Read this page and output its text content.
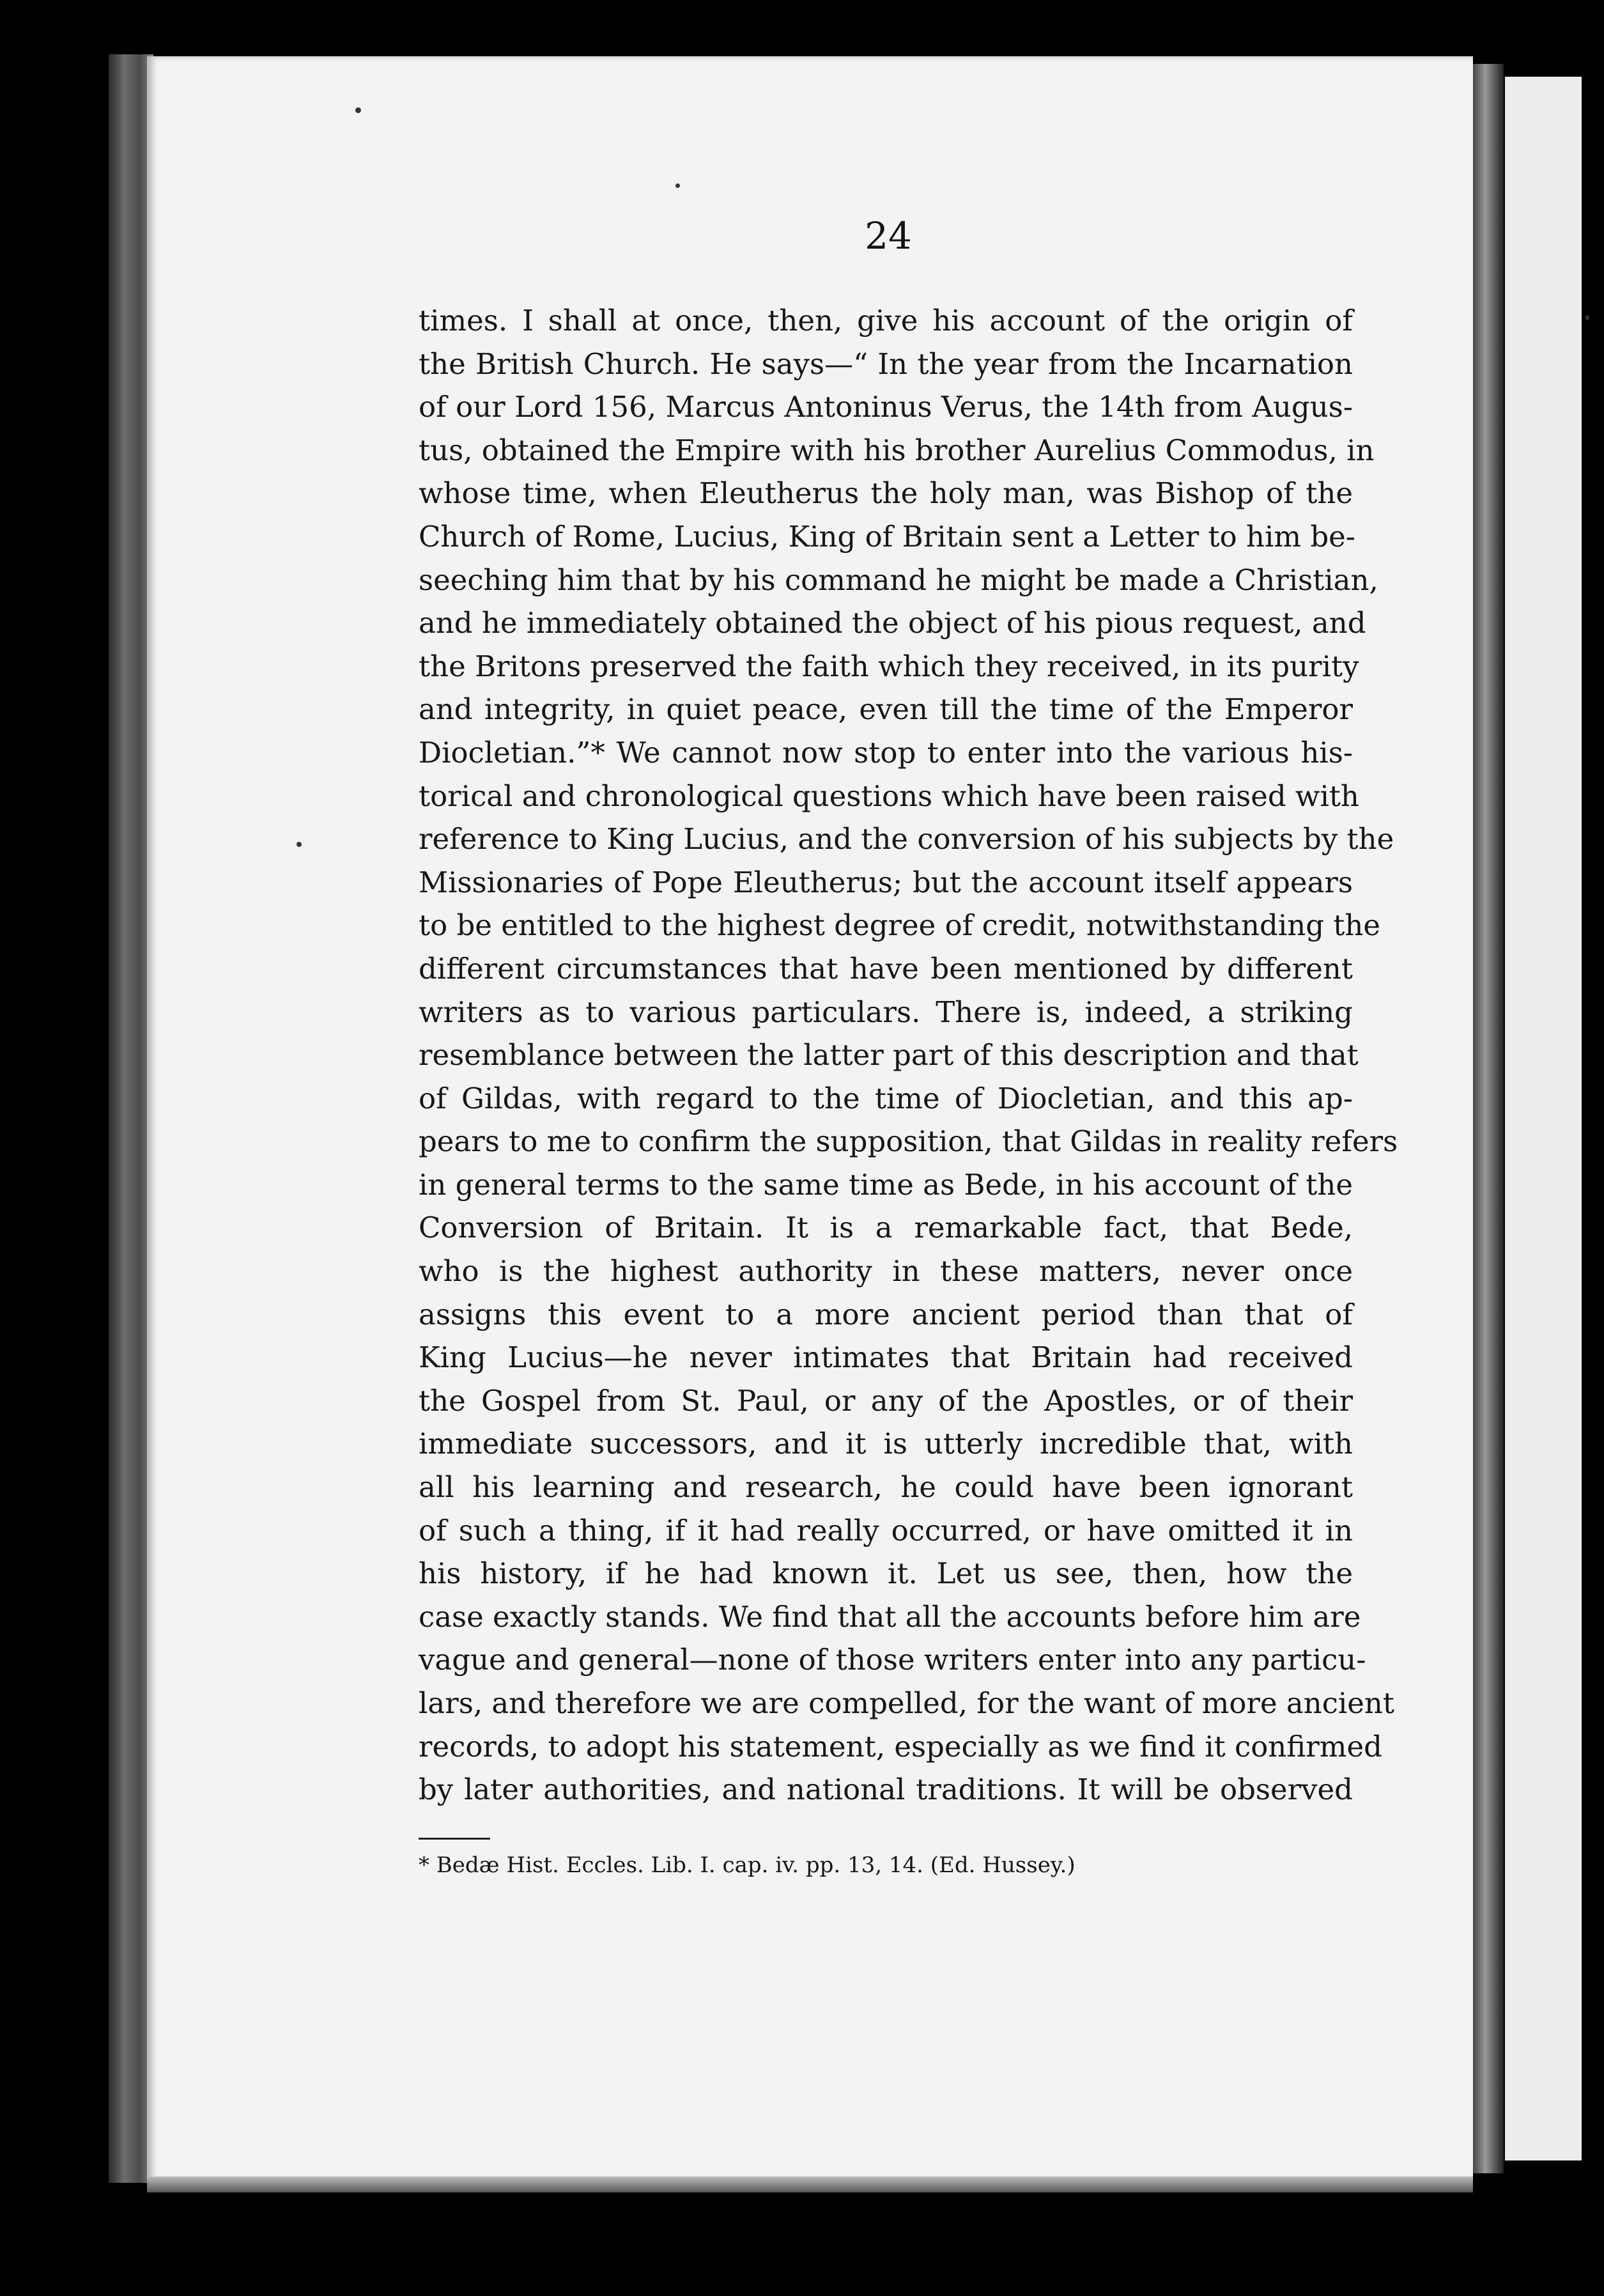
24
times. I shall at once, then, give his account of the origin of
the British Church. He says—“ In the year from the Incarnation
of our Lord 156, Marcus Antoninus Verus, the 14th from Augus-
tus, obtained the Empire with his brother Aurelius Commodus, in
whose time, when Eleutherus the holy man, was Bishop of the
Church of Rome, Lucius, King of Britain sent a Letter to him be-
seeching him that by his command he might be made a Christian,
and he immediately obtained the object of his pious request, and
the Britons preserved the faith which they received, in its purity
and integrity, in quiet peace, even till the time of the Emperor
Diocletian.”* We cannot now stop to enter into the various his-
torical and chronological questions which have been raised with
reference to King Lucius, and the conversion of his subjects by the
Missionaries of Pope Eleutherus; but the account itself appears
to be entitled to the highest degree of credit, notwithstanding the
different circumstances that have been mentioned by different
writers as to various particulars. There is, indeed, a striking
resemblance between the latter part of this description and that
of Gildas, with regard to the time of Diocletian, and this ap-
pears to me to confirm the supposition, that Gildas in reality refers
in general terms to the same time as Bede, in his account of the
Conversion of Britain. It is a remarkable fact, that Bede,
who is the highest authority in these matters, never once
assigns this event to a more ancient period than that of
King Lucius—he never intimates that Britain had received
the Gospel from St. Paul, or any of the Apostles, or of their
immediate successors, and it is utterly incredible that, with
all his learning and research, he could have been ignorant
of such a thing, if it had really occurred, or have omitted it in
his history, if he had known it. Let us see, then, how the
case exactly stands. We find that all the accounts before him are
vague and general—none of those writers enter into any particu-
lars, and therefore we are compelled, for the want of more ancient
records, to adopt his statement, especially as we find it confirmed
by later authorities, and national traditions. It will be observed
* Bedæ Hist. Eccles. Lib. I. cap. iv. pp. 13, 14. (Ed. Hussey.)
